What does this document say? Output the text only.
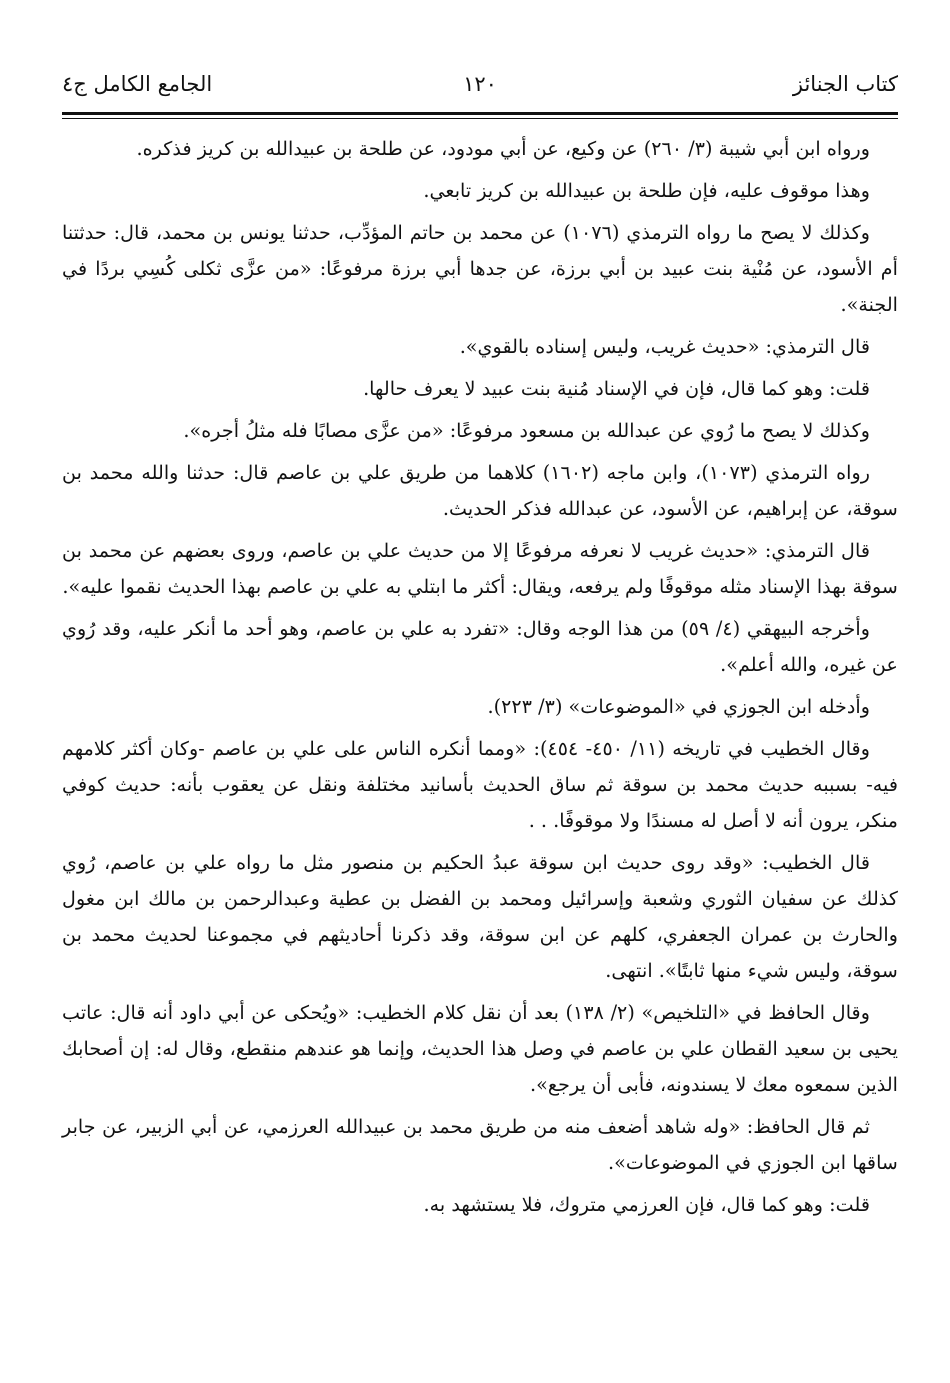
كتاب الجنائز
١٢٠
الجامع الكامل ج٤

ورواه ابن أبي شيبة (٣/ ٢٦٠) عن وكيع، عن أبي مودود، عن طلحة بن عبيدالله بن كريز فذكره.

وهذا موقوف عليه، فإن طلحة بن عبيدالله بن كريز تابعي.

وكذلك لا يصح ما رواه الترمذي (١٠٧٦) عن محمد بن حاتم المؤدِّب، حدثنا يونس بن محمد، قال: حدثتنا أم الأسود، عن مُنْية بنت عبيد بن أبي برزة، عن جدها أبي برزة مرفوعًا: «من عزَّى ثكلى كُسِي بردًا في الجنة».

قال الترمذي: «حديث غريب، وليس إسناده بالقوي».

قلت: وهو كما قال، فإن في الإسناد مُنية بنت عبيد لا يعرف حالها.

وكذلك لا يصح ما رُوي عن عبدالله بن مسعود مرفوعًا: «من عزَّى مصابًا فله مثلُ أجره».

رواه الترمذي (١٠٧٣)، وابن ماجه (١٦٠٢) كلاهما من طريق علي بن عاصم قال: حدثنا والله محمد بن سوقة، عن إبراهيم، عن الأسود، عن عبدالله فذكر الحديث.

قال الترمذي: «حديث غريب لا نعرفه مرفوعًا إلا من حديث علي بن عاصم، وروى بعضهم عن محمد بن سوقة بهذا الإسناد مثله موقوفًا ولم يرفعه، ويقال: أكثر ما ابتلي به علي بن عاصم بهذا الحديث نقموا عليه».

وأخرجه البيهقي (٤/ ٥٩) من هذا الوجه وقال: «تفرد به علي بن عاصم، وهو أحد ما أنكر عليه، وقد رُوي عن غيره، والله أعلم».

وأدخله ابن الجوزي في «الموضوعات» (٣/ ٢٢٣).

وقال الخطيب في تاريخه (١١/ ٤٥٠- ٤٥٤): «ومما أنكره الناس على علي بن عاصم -وكان أكثر كلامهم فيه- بسببه حديث محمد بن سوقة ثم ساق الحديث بأسانيد مختلفة ونقل عن يعقوب بأنه: حديث كوفي منكر، يرون أنه لا أصل له مسندًا ولا موقوفًا. . .

قال الخطيب: «وقد روى حديث ابن سوقة عبدُ الحكيم بن منصور مثل ما رواه علي بن عاصم، رُوي كذلك عن سفيان الثوري وشعبة وإسرائيل ومحمد بن الفضل بن عطية وعبدالرحمن بن مالك ابن مغول والحارث بن عمران الجعفري، كلهم عن ابن سوقة، وقد ذكرنا أحاديثهم في مجموعنا لحديث محمد بن سوقة، وليس شيء منها ثابتًا». انتهى.

وقال الحافظ في «التلخيص» (٢/ ١٣٨) بعد أن نقل كلام الخطيب: «ويُحكى عن أبي داود أنه قال: عاتب يحيى بن سعيد القطان علي بن عاصم في وصل هذا الحديث، وإنما هو عندهم منقطع، وقال له: إن أصحابك الذين سمعوه معك لا يسندونه، فأبى أن يرجع».

ثم قال الحافظ: «وله شاهد أضعف منه من طريق محمد بن عبيدالله العرزمي، عن أبي الزبير، عن جابر ساقها ابن الجوزي في الموضوعات».

قلت: وهو كما قال، فإن العرزمي متروك، فلا يستشهد به.
